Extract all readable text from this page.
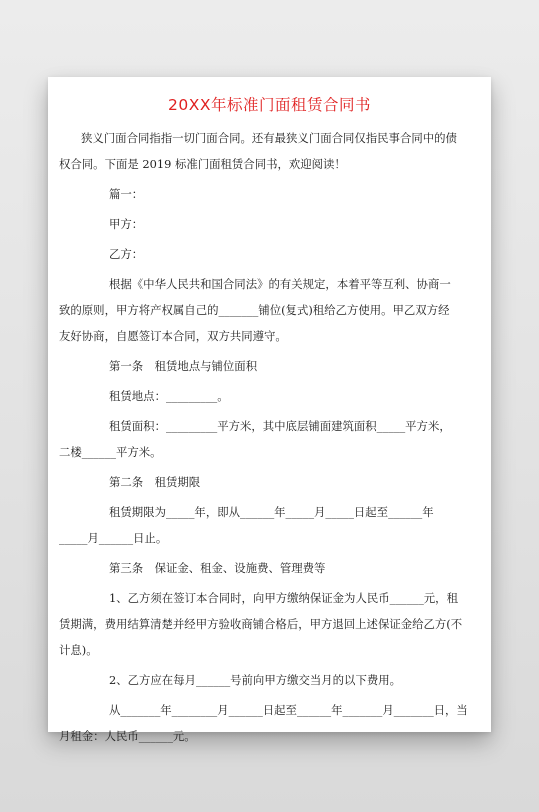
20XX年标准门面租赁合同书
狭义门面合同指指一切门面合同。还有最狭义门面合同仅指民事合同中的债
权合同。下面是 2019 标准门面租赁合同书，欢迎阅读！
篇一：
甲方：
乙方：
根据《中华人民共和国合同法》的有关规定，本着平等互利、协商一
致的原则，甲方将产权属自己的_______铺位(复式)租给乙方使用。甲乙双方经
友好协商，自愿签订本合同，双方共同遵守。
第一条　租赁地点与铺位面积
租赁地点：_________。
租赁面积：_________平方米，其中底层铺面建筑面积_____平方米，
二楼______平方米。
第二条　租赁期限
租赁期限为_____年，即从______年_____月_____日起至______年
_____月______日止。
第三条　保证金、租金、设施费、管理费等
1、乙方须在签订本合同时，向甲方缴纳保证金为人民币______元，租
赁期满，费用结算清楚并经甲方验收商铺合格后，甲方退回上述保证金给乙方(不
计息)。
2、乙方应在每月______号前向甲方缴交当月的以下费用。
从_______年________月______日起至______年_______月_______日，当
月租金：人民币______元。
